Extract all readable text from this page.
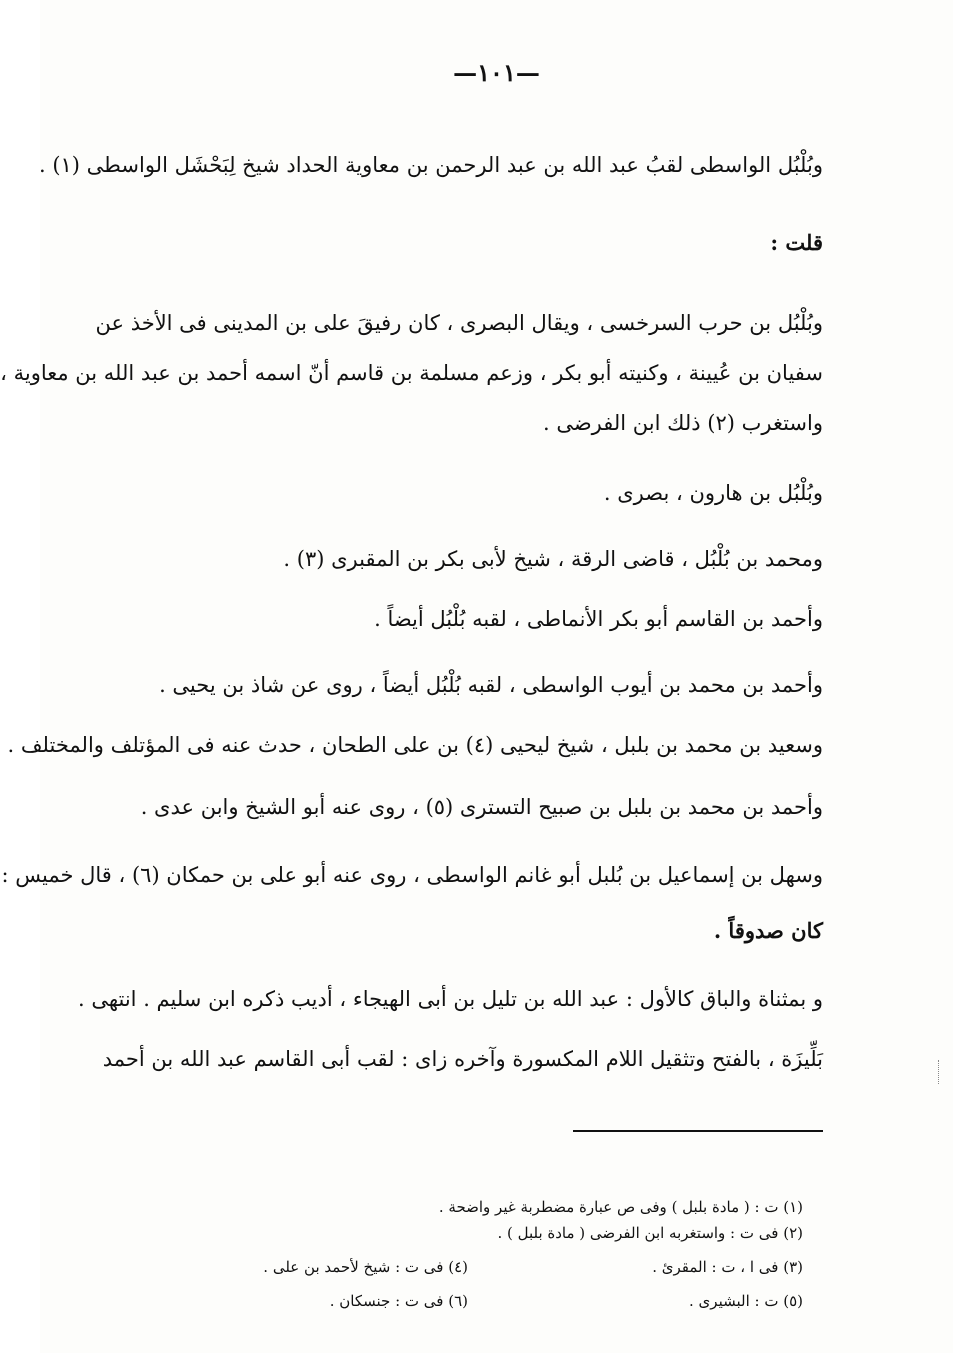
—١٠١—

وبُلْبُل الواسطى لقبُ عبد الله بن عبد الرحمن بن معاوية الحداد شيخ لِبَحْشَل الواسطى (١) .

قلت :

وبُلْبُل بن حرب السرخسى ، ويقال البصرى ، كان رفيقَ على بن المدينى فى الأخذ عن

سفيان بن عُيينة ، وكنيته أبو بكر ، وزعم مسلمة بن قاسم أنّ اسمه أحمد بن عبد الله بن معاوية ،

واستغرب (٢) ذلك ابن الفرضى .

وبُلْبُل بن هارون ، بصرى .

ومحمد بن بُلْبُل ، قاضى الرقة ، شيخ لأبى بكر بن المقبرى (٣) .

وأحمد بن القاسم أبو بكر الأنماطى ، لقبه بُلْبُل أيضاً .

وأحمد بن محمد بن أيوب الواسطى ، لقبه بُلْبُل أيضاً ، روى عن شاذ بن يحيى .

وسعيد بن محمد بن بلبل ، شيخ ليحيى (٤) بن على الطحان ، حدث عنه فى المؤتلف والمختلف .

وأحمد بن محمد بن بلبل بن صبيح التسترى (٥) ، روى عنه أبو الشيخ وابن عدى .

وسهل بن إسماعيل بن بُلبل أبو غانم الواسطى ، روى عنه أبو على بن حمكان (٦) ، قال خميس :

كان صدوقاً .

و بمثناة والباق كالأول : عبد الله بن تليل بن أبى الهيجاء ، أديب ذكره ابن سليم . انتهى .

بَلِّيزَة ، بالفتح وتثقيل اللام المكسورة وآخره زاى : لقب أبى القاسم عبد الله بن أحمد

(١) ت : ( مادة بلبل ) وفى ص عبارة مضطربة غير واضحة .

(٢) فى ت : واستغربه ابن الفرضى ( مادة بلبل ) .

(٣) فى ا ، ت : المقرئ .

(٤) فى ت : شيخ لأحمد بن على .

(٥) ت : البشيرى .

(٦) فى ت : جنسكان .
